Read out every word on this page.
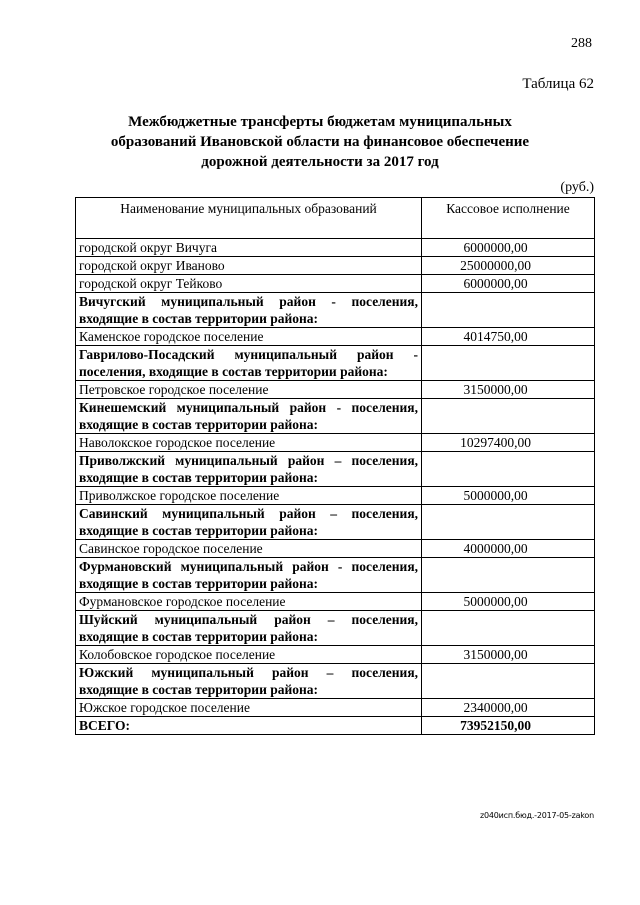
288
Таблица 62
Межбюджетные трансферты бюджетам муниципальных
образований Ивановской области на финансовое обеспечение
дорожной деятельности за 2017 год
(руб.)
Наименование муниципальных образований	Кассовое исполнение
городской округ Вичуга	6000000,00
городской округ Иваново	25000000,00
городской округ Тейково	6000000,00
Вичугский муниципальный район - поселения, входящие в состав территории района:	
Каменское городское поселение	4014750,00
Гаврилово-Посадский муниципальный район - поселения, входящие в состав территории района:	
Петровское городское поселение	3150000,00
Кинешемский муниципальный район - поселения, входящие в состав территории района:	
Наволокское городское поселение	10297400,00
Приволжский муниципальный район – поселения, входящие в состав территории района:	
Приволжское городское поселение	5000000,00
Савинский муниципальный район – поселения, входящие в состав территории района:	
Савинское городское поселение	4000000,00
Фурмановский муниципальный район - поселения, входящие в состав территории района:	
Фурмановское городское поселение	5000000,00
Шуйский муниципальный район – поселения, входящие в состав территории района:	
Колобовское городское поселение	3150000,00
Южский муниципальный район – поселения, входящие в состав территории района:	
Южское городское поселение	2340000,00
ВСЕГО:	73952150,00
z040исп.бюд.-2017-05-zakon
